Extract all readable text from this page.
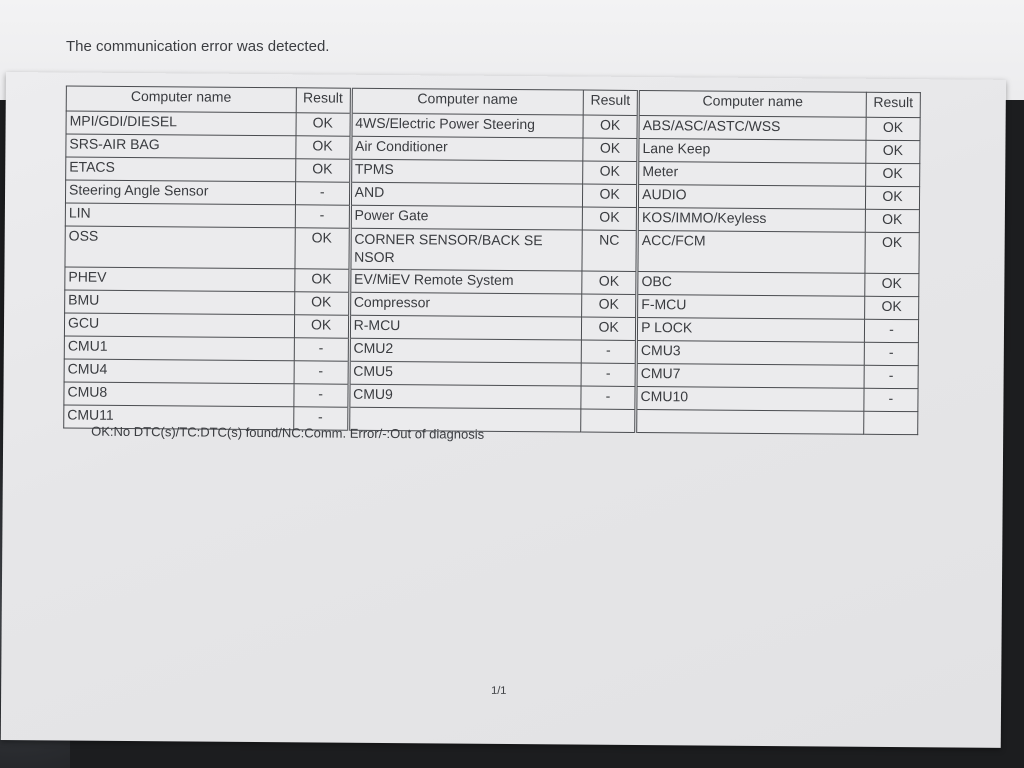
The communication error was detected.
Computer name	Result	Computer name	Result	Computer name	Result
MPI/GDI/DIESEL	OK	4WS/Electric Power Steering	OK	ABS/ASC/ASTC/WSS	OK
SRS-AIR BAG	OK	Air Conditioner	OK	Lane Keep	OK
ETACS	OK	TPMS	OK	Meter	OK
Steering Angle Sensor	-	AND	OK	AUDIO	OK
LIN	-	Power Gate	OK	KOS/IMMO/Keyless	OK
OSS	OK	CORNER SENSOR/BACK SE NSOR	NC	ACC/FCM	OK
PHEV	OK	EV/MiEV Remote System	OK	OBC	OK
BMU	OK	Compressor	OK	F-MCU	OK
GCU	OK	R-MCU	OK	P LOCK	-
CMU1	-	CMU2	-	CMU3	-
CMU4	-	CMU5	-	CMU7	-
CMU8	-	CMU9	-	CMU10	-
CMU11	-				
OK:No DTC(s)/TC:DTC(s) found/NC:Comm. Error/-:Out of diagnosis
1/1
